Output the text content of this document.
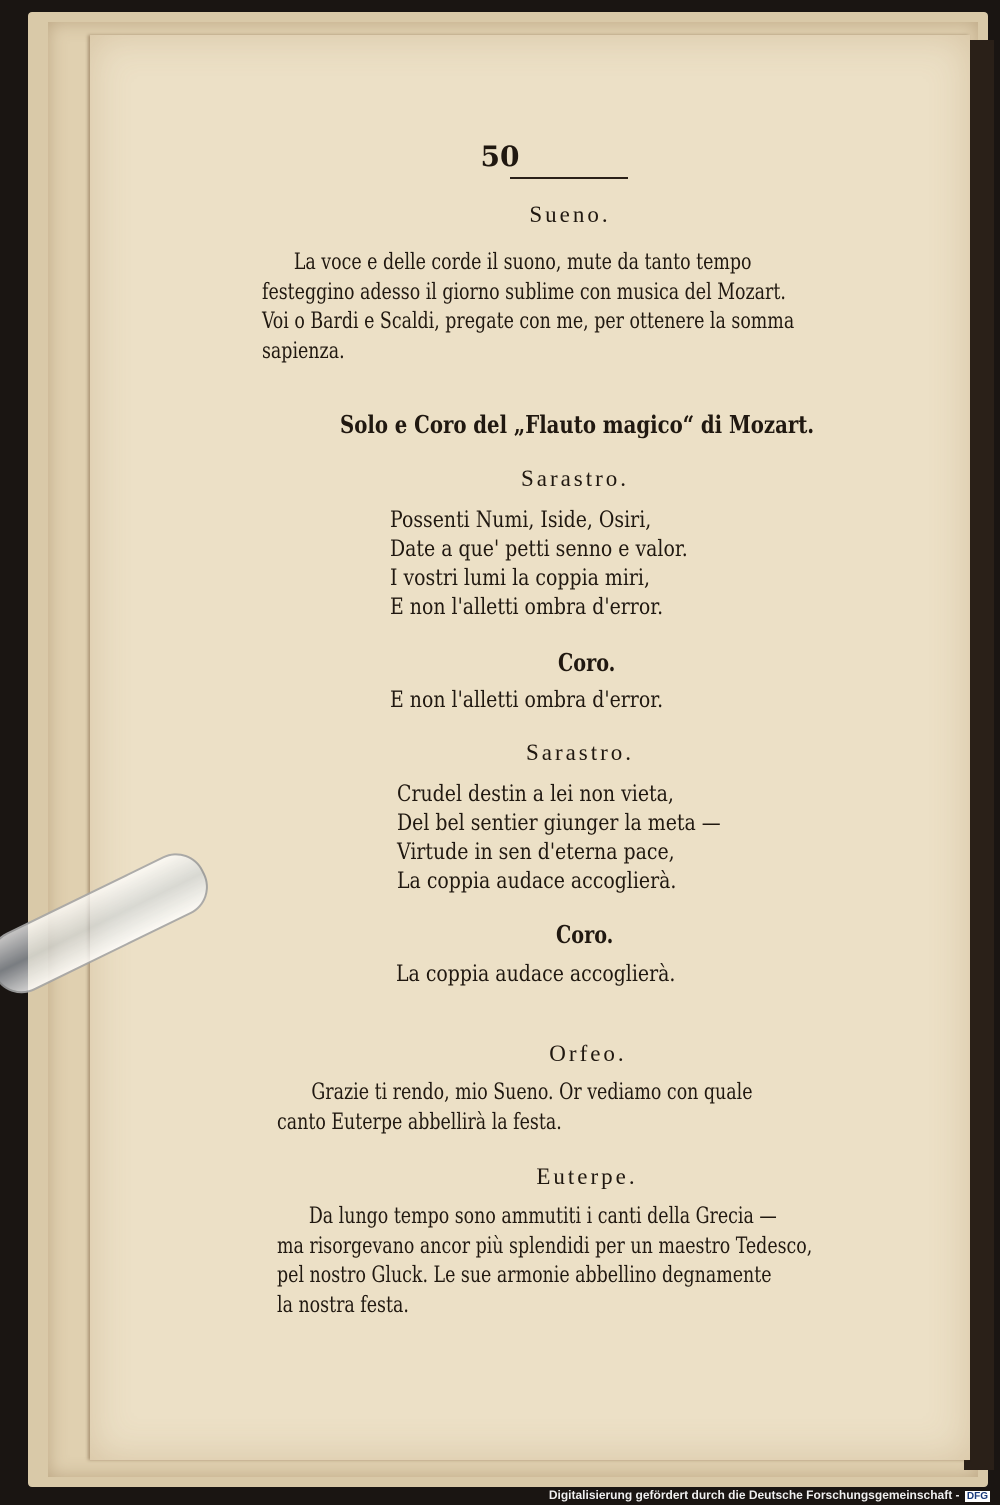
50
Sueno.

La voce e delle corde il suono, mute da tanto tempo

festeggino adesso il giorno sublime con musica del Mozart.

Voi o Bardi e Scaldi, pregate con me, per ottenere la somma

sapienza.

Solo e Coro del „Flauto magico“ di Mozart.
Sarastro.
Possenti Numi, Iside, Osiri,
Date a que' petti senno e valor.
I vostri lumi la coppia miri,
E non l'alletti ombra d'error.
Coro.
E non l'alletti ombra d'error.
Sarastro.
Crudel destin a lei non vieta,
Del bel sentier giunger la meta —
Virtude in sen d'eterna pace,
La coppia audace accoglierà.
Coro.
La coppia audace accoglierà.
Orfeo.

Grazie ti rendo, mio Sueno. Or vediamo con quale

canto Euterpe abbellirà la festa.

Euterpe.

Da lungo tempo sono ammutiti i canti della Grecia —

ma risorgevano ancor più splendidi per un maestro Tedesco,

pel nostro Gluck. Le sue armonie abbellino degnamente

la nostra festa.

Digitalisierung gefördert durch die Deutsche Forschungsgemeinschaft - DFG
